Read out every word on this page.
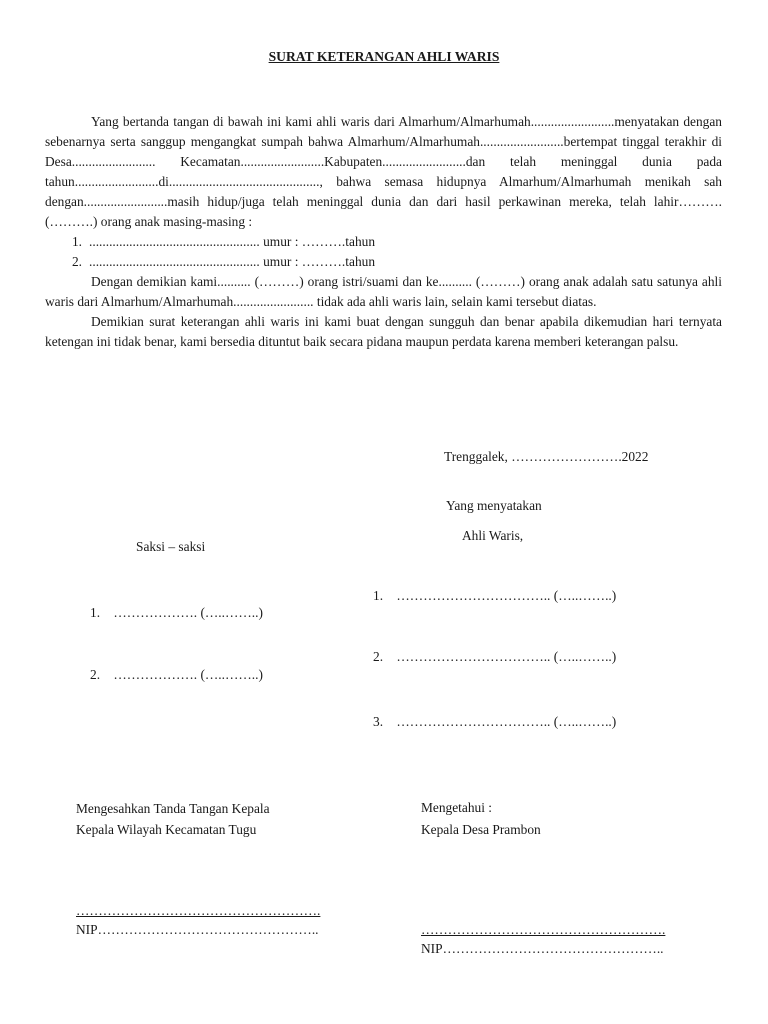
SURAT KETERANGAN AHLI WARIS

Yang bertanda tangan di bawah ini kami ahli waris dari Almarhum/Almarhumah.........................menyatakan dengan sebenarnya serta sanggup mengangkat sumpah bahwa Almarhum/Almarhumah.........................bertempat tinggal terakhir di Desa......................... Kecamatan.........................Kabupaten.........................dan telah meninggal dunia pada tahun.........................di............................................., bahwa semasa hidupnya Almarhum/Almarhumah menikah sah dengan.........................masih hidup/juga telah meninggal dunia dan dari hasil perkawinan mereka, telah lahir………. (……….) orang anak masing-masing :

1. ................................................... umur : ……….tahun
2. ................................................... umur : ……….tahun

Dengan demikian kami.......... (………) orang istri/suami dan ke.......... (………) orang anak adalah satu satunya ahli waris dari Almarhum/Almarhumah........................ tidak ada ahli waris lain, selain kami tersebut diatas.

Demikian surat keterangan ahli waris ini kami buat dengan sungguh dan benar apabila dikemudian hari ternyata ketengan ini tidak benar, kami bersedia dituntut baik secara pidana maupun perdata karena memberi keterangan palsu.

Trenggalek, …………………….2022
Yang menyatakan
Ahli Waris,
Saksi – saksi
1. …………………………….. (…..……..)
2. …………………………….. (…..……..)
3. …………………………….. (…..……..)
1. ………………. (…..……..)
2. ………………. (…..……..)
Mengesahkan Tanda Tangan Kepala
Kepala Wilayah Kecamatan Tugu
……………………………………………….
NIP…………………………………………..
Mengetahui :
Kepala Desa Prambon
……………………………………………….
NIP…………………………………………..
